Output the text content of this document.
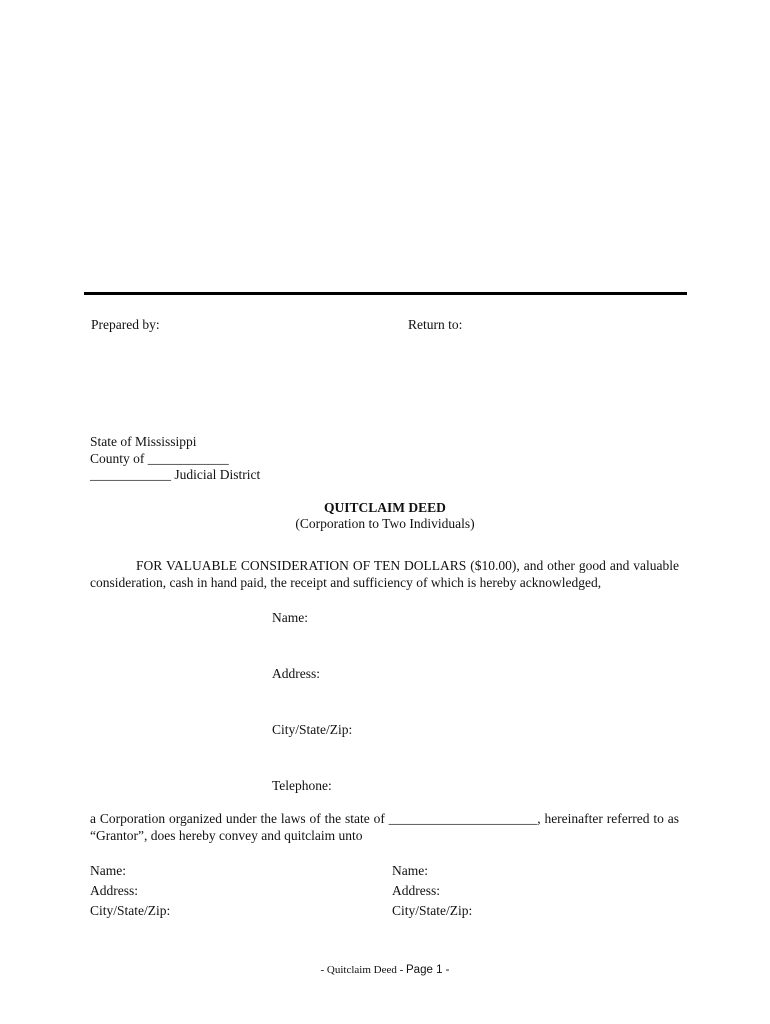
Prepared by:	Return to:
State of Mississippi
County of ____________
____________ Judicial District
QUITCLAIM DEED
(Corporation to Two Individuals)
FOR VALUABLE CONSIDERATION OF TEN DOLLARS ($10.00), and other good and valuable consideration, cash in hand paid, the receipt and sufficiency of which is hereby acknowledged,
Name:
Address:
City/State/Zip:
Telephone:
a Corporation organized under the laws of the state of ______________________, hereinafter referred to as “Grantor”, does hereby convey and quitclaim unto
Name:
Address:
City/State/Zip:
Name:
Address:
City/State/Zip:
- Quitclaim Deed - Page 1 -
